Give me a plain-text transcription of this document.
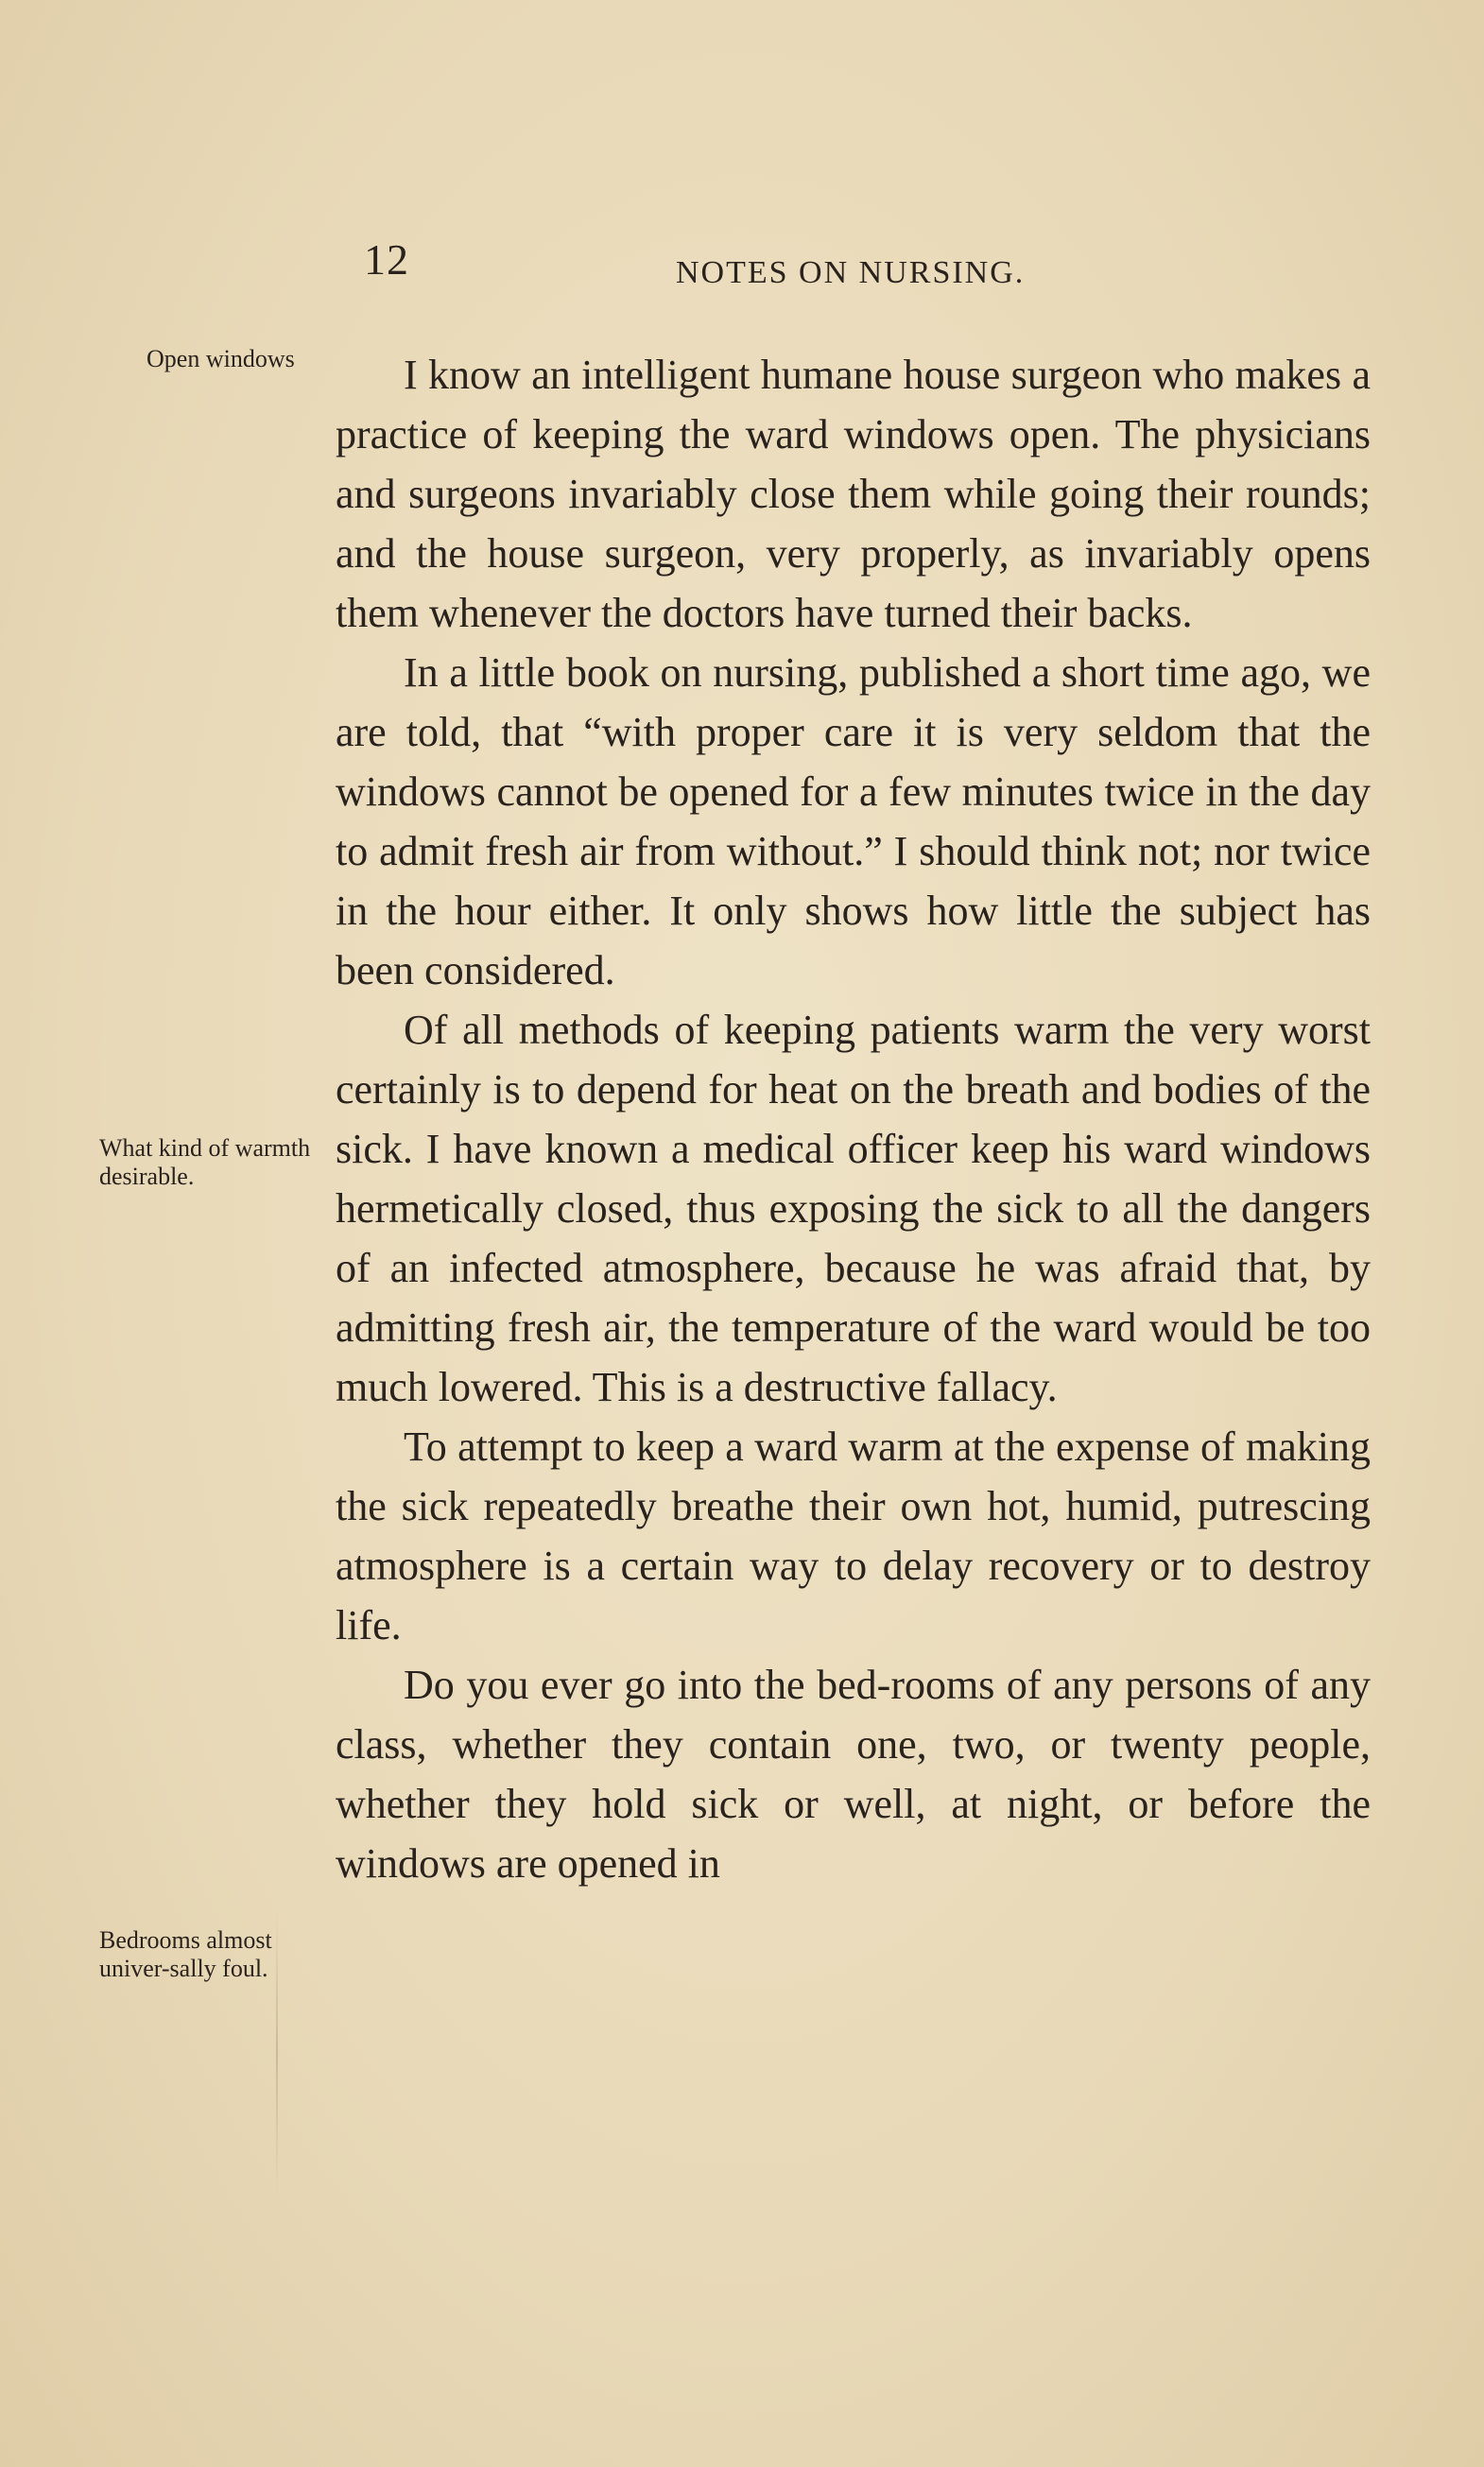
12	NOTES ON NURSING.
Open windows
What kind of warmth desirable.
Bedrooms almost univer-sally foul.

I know an intelligent humane house surgeon who makes a practice of keeping the ward windows open. The physicians and surgeons invariably close them while going their rounds; and the house surgeon, very properly, as invariably opens them whenever the doctors have turned their backs.

In a little book on nursing, published a short time ago, we are told, that “with proper care it is very seldom that the windows cannot be opened for a few minutes twice in the day to admit fresh air from without.” I should think not; nor twice in the hour either. It only shows how little the subject has been considered.

Of all methods of keeping patients warm the very worst certainly is to depend for heat on the breath and bodies of the sick. I have known a medical officer keep his ward windows hermetically closed, thus exposing the sick to all the dangers of an infected atmosphere, because he was afraid that, by admitting fresh air, the temperature of the ward would be too much lowered. This is a destructive fallacy.

To attempt to keep a ward warm at the expense of making the sick repeatedly breathe their own hot, humid, putrescing atmosphere is a certain way to delay recovery or to destroy life.

Do you ever go into the bed-rooms of any persons of any class, whether they contain one, two, or twenty people, whether they hold sick or well, at night, or before the windows are opened in
